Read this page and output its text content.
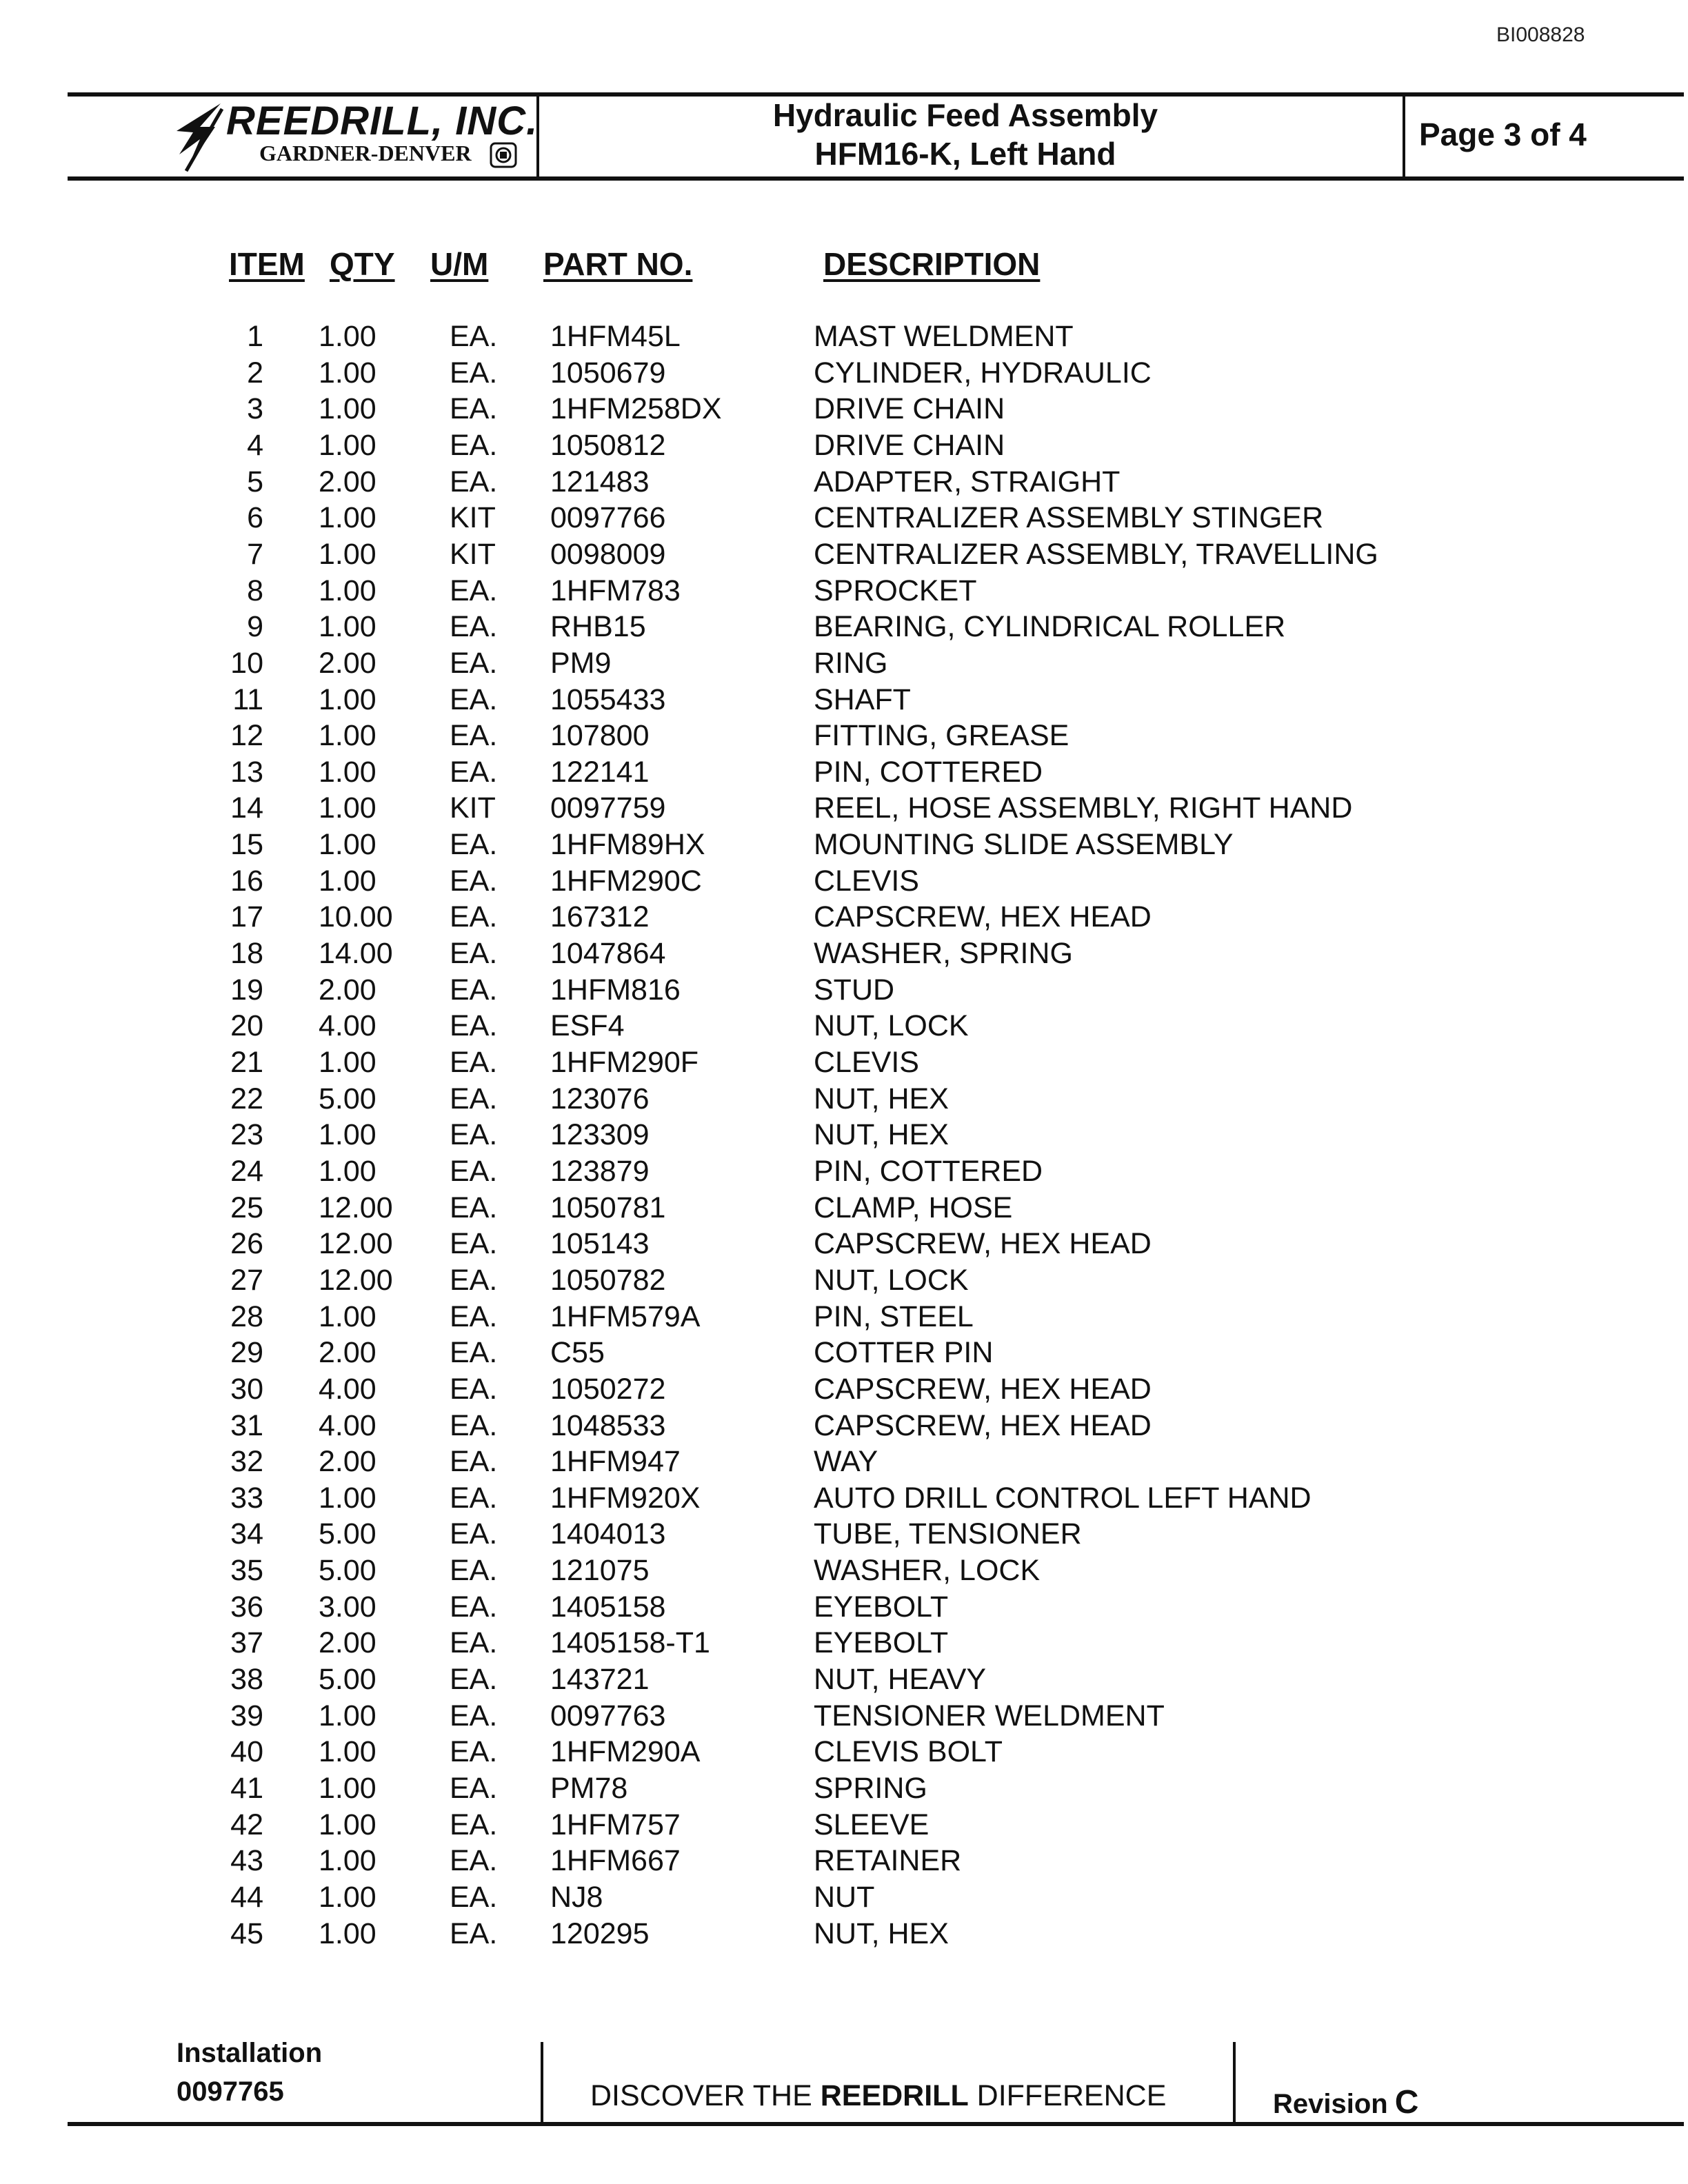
BI008828
REEDRILL, INC.
GARDNER-DENVER
Hydraulic Feed Assembly
HFM16-K, Left Hand
Page 3 of 4
ITEM QTY U/M PART NO.	DESCRIPTION
1 1.00 EA. 1HFM45L	MAST WELDMENT
2 1.00 EA. 1050679	CYLINDER, HYDRAULIC
3 1.00 EA. 1HFM258DX	DRIVE CHAIN
4 1.00 EA. 1050812	DRIVE CHAIN
5 2.00 EA. 121483	ADAPTER, STRAIGHT
6 1.00 KIT 0097766	CENTRALIZER ASSEMBLY STINGER
7 1.00 KIT 0098009	CENTRALIZER ASSEMBLY, TRAVELLING
8 1.00 EA. 1HFM783	SPROCKET
9 1.00 EA. RHB15	BEARING, CYLINDRICAL ROLLER
10 2.00 EA. PM9	RING
11 1.00 EA. 1055433	SHAFT
12 1.00 EA. 107800	FITTING, GREASE
13 1.00 EA. 122141	PIN, COTTERED
14 1.00 KIT 0097759	REEL, HOSE ASSEMBLY, RIGHT HAND
15 1.00 EA. 1HFM89HX	MOUNTING SLIDE ASSEMBLY
16 1.00 EA. 1HFM290C	CLEVIS
17 10.00 EA. 167312	CAPSCREW, HEX HEAD
18 14.00 EA. 1047864	WASHER, SPRING
19 2.00 EA. 1HFM816	STUD
20 4.00 EA. ESF4	NUT, LOCK
21 1.00 EA. 1HFM290F	CLEVIS
22 5.00 EA. 123076	NUT, HEX
23 1.00 EA. 123309	NUT, HEX
24 1.00 EA. 123879	PIN, COTTERED
25 12.00 EA. 1050781	CLAMP, HOSE
26 12.00 EA. 105143	CAPSCREW, HEX HEAD
27 12.00 EA. 1050782	NUT, LOCK
28 1.00 EA. 1HFM579A	PIN, STEEL
29 2.00 EA. C55	COTTER PIN
30 4.00 EA. 1050272	CAPSCREW, HEX HEAD
31 4.00 EA. 1048533	CAPSCREW, HEX HEAD
32 2.00 EA. 1HFM947	WAY
33 1.00 EA. 1HFM920X	AUTO DRILL CONTROL LEFT HAND
34 5.00 EA. 1404013	TUBE, TENSIONER
35 5.00 EA. 121075	WASHER, LOCK
36 3.00 EA. 1405158	EYEBOLT
37 2.00 EA. 1405158-T1	EYEBOLT
38 5.00 EA. 143721	NUT, HEAVY
39 1.00 EA. 0097763	TENSIONER WELDMENT
40 1.00 EA. 1HFM290A	CLEVIS BOLT
41 1.00 EA. PM78	SPRING
42 1.00 EA. 1HFM757	SLEEVE
43 1.00 EA. 1HFM667	RETAINER
44 1.00 EA. NJ8	NUT
45 1.00 EA. 120295	NUT, HEX
Installation
0097765	DISCOVER THE REEDRILL DIFFERENCE	Revision C
